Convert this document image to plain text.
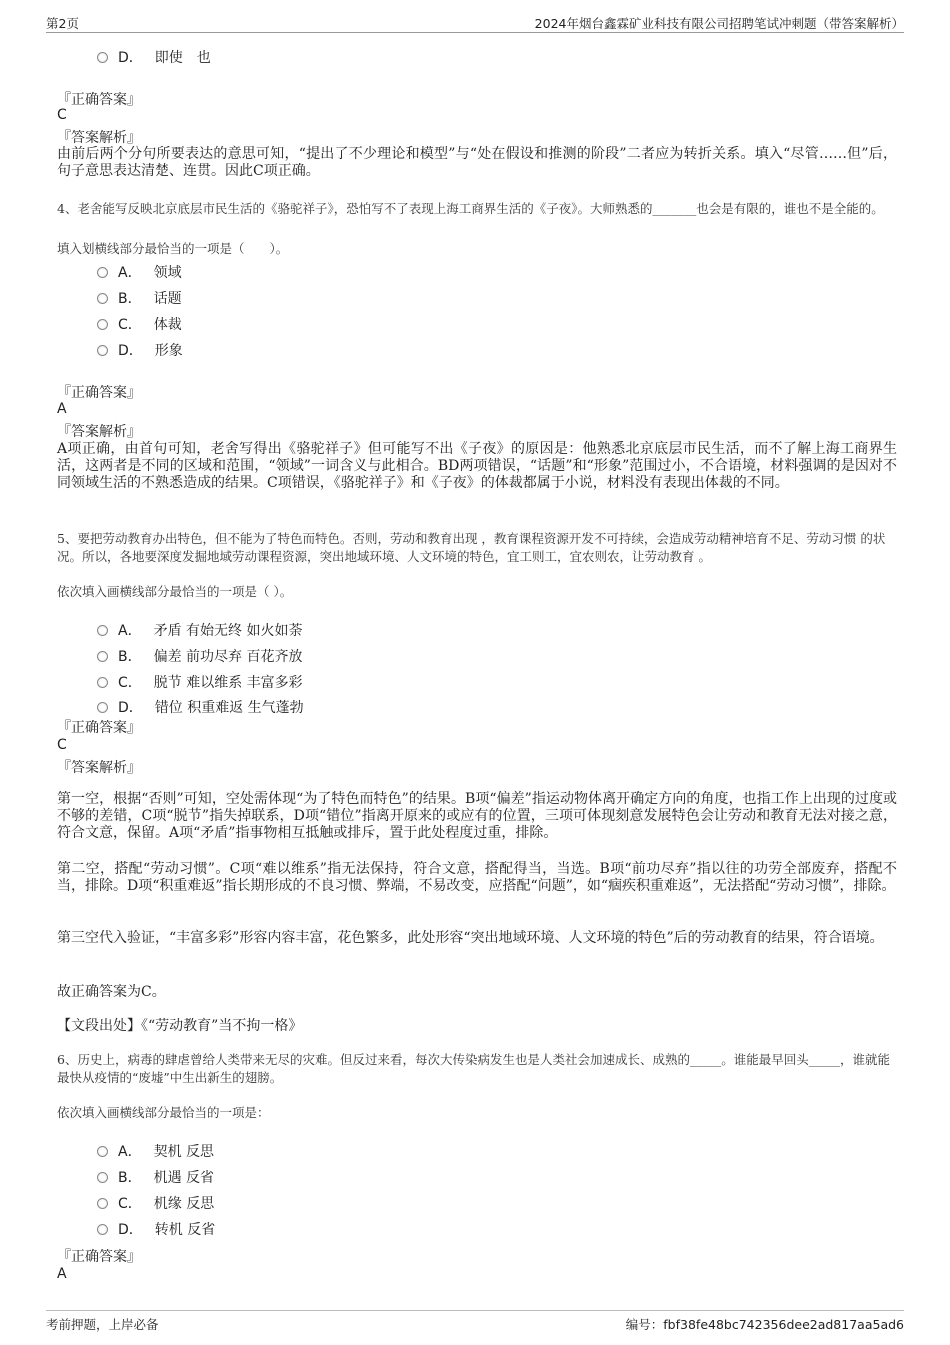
第2页	2024年烟台鑫霖矿业科技有限公司招聘笔试冲刺题（带答案解析）
D． 即使　也
『正确答案』
C
『答案解析』
由前后两个分句所要表达的意思可知，“提出了不少理论和模型”与“处在假设和推测的阶段”二者应为转折关系。填入“尽管……但”后，句子意思表达清楚、连贯。因此C项正确。
4、老舍能写反映北京底层市民生活的《骆驼祥子》，恐怕写不了表现上海工商界生活的《子夜》。大师熟悉的_______也会是有限的，谁也不是全能的。
填入划横线部分最恰当的一项是（　　）。
A． 领域
B． 话题
C． 体裁
D． 形象
『正确答案』
A
『答案解析』
A项正确，由首句可知，老舍写得出《骆驼祥子》但可能写不出《子夜》的原因是：他熟悉北京底层市民生活，而不了解上海工商界生活，这两者是不同的区域和范围，“领域”一词含义与此相合。BD两项错误，“话题”和“形象”范围过小，不合语境，材料强调的是因对不同领域生活的不熟悉造成的结果。C项错误，《骆驼祥子》和《子夜》的体裁都属于小说，材料没有表现出体裁的不同。
5、要把劳动教育办出特色，但不能为了特色而特色。否则，劳动和教育出现 ，教育课程资源开发不可持续，会造成劳动精神培育不足、劳动习惯 的状况。所以，各地要深度发掘地域劳动课程资源，突出地域环境、人文环境的特色，宜工则工，宜农则农，让劳动教育 。
依次填入画横线部分最恰当的一项是（ ）。
A． 矛盾 有始无终 如火如荼
B． 偏差 前功尽弃 百花齐放
C． 脱节 难以维系 丰富多彩
D． 错位 积重难返 生气蓬勃
『正确答案』
C
『答案解析』
第一空，根据“否则”可知，空处需体现“为了特色而特色”的结果。B项“偏差”指运动物体离开确定方向的角度，也指工作上出现的过度或不够的差错，C项“脱节”指失掉联系，D项“错位”指离开原来的或应有的位置，三项可体现刻意发展特色会让劳动和教育无法对接之意，符合文意，保留。A项“矛盾”指事物相互抵触或排斥，置于此处程度过重，排除。
第二空，搭配“劳动习惯”。C项“难以维系”指无法保持，符合文意，搭配得当，当选。B项“前功尽弃”指以往的功劳全部废弃，搭配不当，排除。D项“积重难返”指长期形成的不良习惯、弊端，不易改变，应搭配“问题”，如“痼疾积重难返”，无法搭配“劳动习惯”，排除。
第三空代入验证，“丰富多彩”形容内容丰富，花色繁多，此处形容“突出地域环境、人文环境的特色”后的劳动教育的结果，符合语境。
故正确答案为C。
【文段出处】《“劳动教育”当不拘一格》
6、历史上，病毒的肆虐曾给人类带来无尽的灾难。但反过来看，每次大传染病发生也是人类社会加速成长、成熟的_____。谁能最早回头_____，谁就能最快从疫情的“废墟”中生出新生的翅膀。
依次填入画横线部分最恰当的一项是：
A． 契机 反思
B． 机遇 反省
C． 机缘 反思
D． 转机 反省
『正确答案』
A
考前押题，上岸必备	编号：fbf38fe48bc742356dee2ad817aa5ad6
